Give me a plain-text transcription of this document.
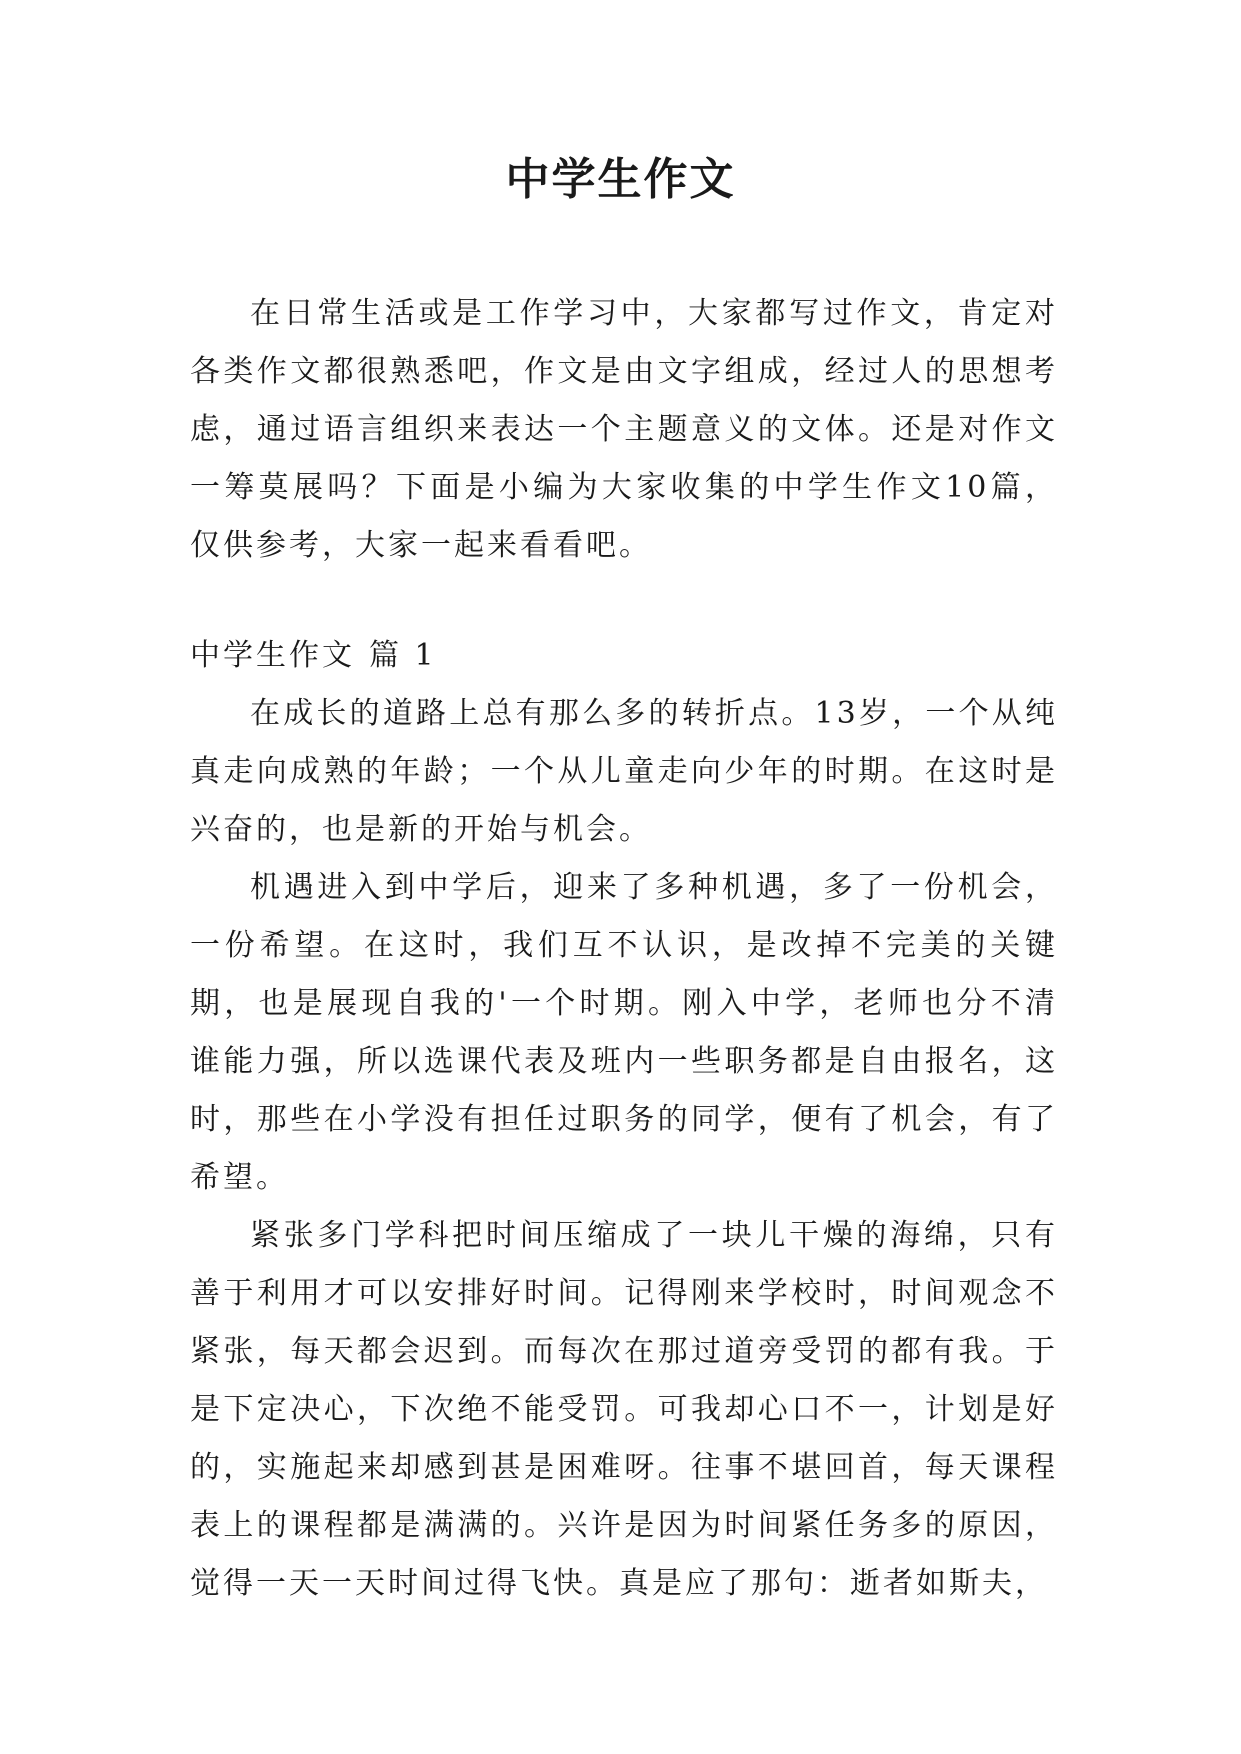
中学生作文

在日常生活或是工作学习中，大家都写过作文，肯定对各类作文都很熟悉吧，作文是由文字组成，经过人的思想考虑，通过语言组织来表达一个主题意义的文体。还是对作文一筹莫展吗？下面是小编为大家收集的中学生作文10篇，仅供参考，大家一起来看看吧。

中学生作文 篇 1

在成长的道路上总有那么多的转折点。13岁，一个从纯真走向成熟的年龄；一个从儿童走向少年的时期。在这时是兴奋的，也是新的开始与机会。

机遇进入到中学后，迎来了多种机遇，多了一份机会，一份希望。在这时，我们互不认识，是改掉不完美的关键期，也是展现自我的'一个时期。刚入中学，老师也分不清谁能力强，所以选课代表及班内一些职务都是自由报名，这时，那些在小学没有担任过职务的同学，便有了机会，有了希望。

紧张多门学科把时间压缩成了一块儿干燥的海绵，只有善于利用才可以安排好时间。记得刚来学校时，时间观念不紧张，每天都会迟到。而每次在那过道旁受罚的都有我。于是下定决心，下次绝不能受罚。可我却心口不一，计划是好的，实施起来却感到甚是困难呀。往事不堪回首，每天课程表上的课程都是满满的。兴许是因为时间紧任务多的原因，觉得一天一天时间过得飞快。真是应了那句：逝者如斯夫，
